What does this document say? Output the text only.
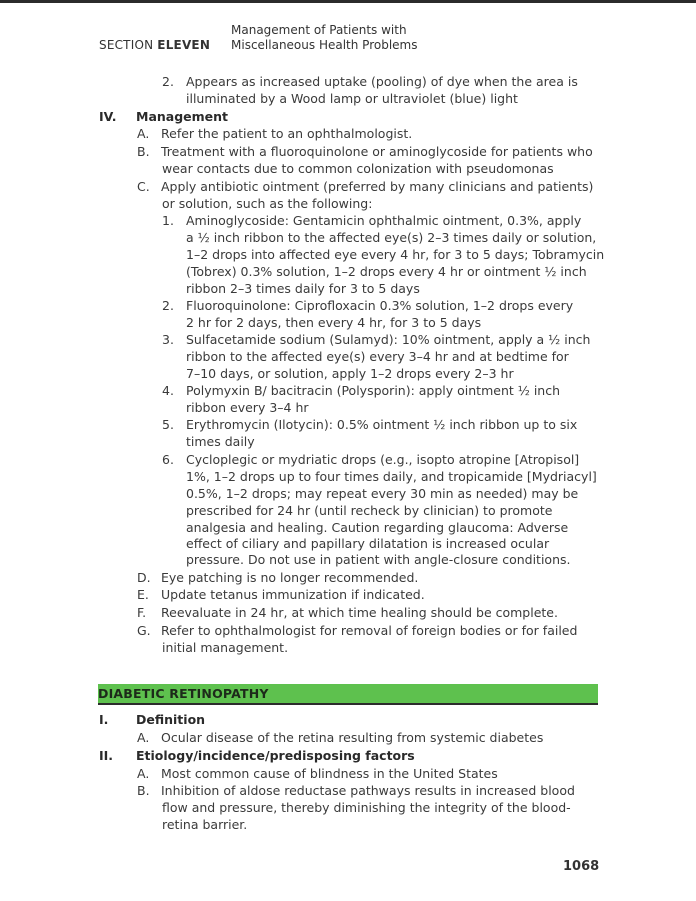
SECTION ELEVEN
Management of Patients with
Miscellaneous Health Problems
2. Appears as increased uptake (pooling) of dye when the area is
illuminated by a Wood lamp or ultraviolet (blue) light
IV. Management
A. Refer the patient to an ophthalmologist.
B. Treatment with a fluoroquinolone or aminoglycoside for patients who
wear contacts due to common colonization with pseudomonas
C. Apply antibiotic ointment (preferred by many clinicians and patients)
or solution, such as the following:
1. Aminoglycoside: Gentamicin ophthalmic ointment, 0.3%, apply
a ½ inch ribbon to the affected eye(s) 2–3 times daily or solution,
1–2 drops into affected eye every 4 hr, for 3 to 5 days; Tobramycin
(Tobrex) 0.3% solution, 1–2 drops every 4 hr or ointment ½ inch
ribbon 2–3 times daily for 3 to 5 days
2. Fluoroquinolone: Ciprofloxacin 0.3% solution, 1–2 drops every
2 hr for 2 days, then every 4 hr, for 3 to 5 days
3. Sulfacetamide sodium (Sulamyd): 10% ointment, apply a ½ inch
ribbon to the affected eye(s) every 3–4 hr and at bedtime for
7–10 days, or solution, apply 1–2 drops every 2–3 hr
4. Polymyxin B/ bacitracin (Polysporin): apply ointment ½ inch
ribbon every 3–4 hr
5. Erythromycin (Ilotycin): 0.5% ointment ½ inch ribbon up to six
times daily
6. Cycloplegic or mydriatic drops (e.g., isopto atropine [Atropisol]
1%, 1–2 drops up to four times daily, and tropicamide [Mydriacyl]
0.5%, 1–2 drops; may repeat every 30 min as needed) may be
prescribed for 24 hr (until recheck by clinician) to promote
analgesia and healing. Caution regarding glaucoma: Adverse
effect of ciliary and papillary dilatation is increased ocular
pressure. Do not use in patient with angle-closure conditions.
D. Eye patching is no longer recommended.
E. Update tetanus immunization if indicated.
F. Reevaluate in 24 hr, at which time healing should be complete.
G. Refer to ophthalmologist for removal of foreign bodies or for failed
initial management.
I. Definition
A. Ocular disease of the retina resulting from systemic diabetes
II. Etiology/incidence/predisposing factors
A. Most common cause of blindness in the United States
B. Inhibition of aldose reductase pathways results in increased blood
flow and pressure, thereby diminishing the integrity of the blood-
retina barrier.
DIABETIC RETINOPATHY
1068
